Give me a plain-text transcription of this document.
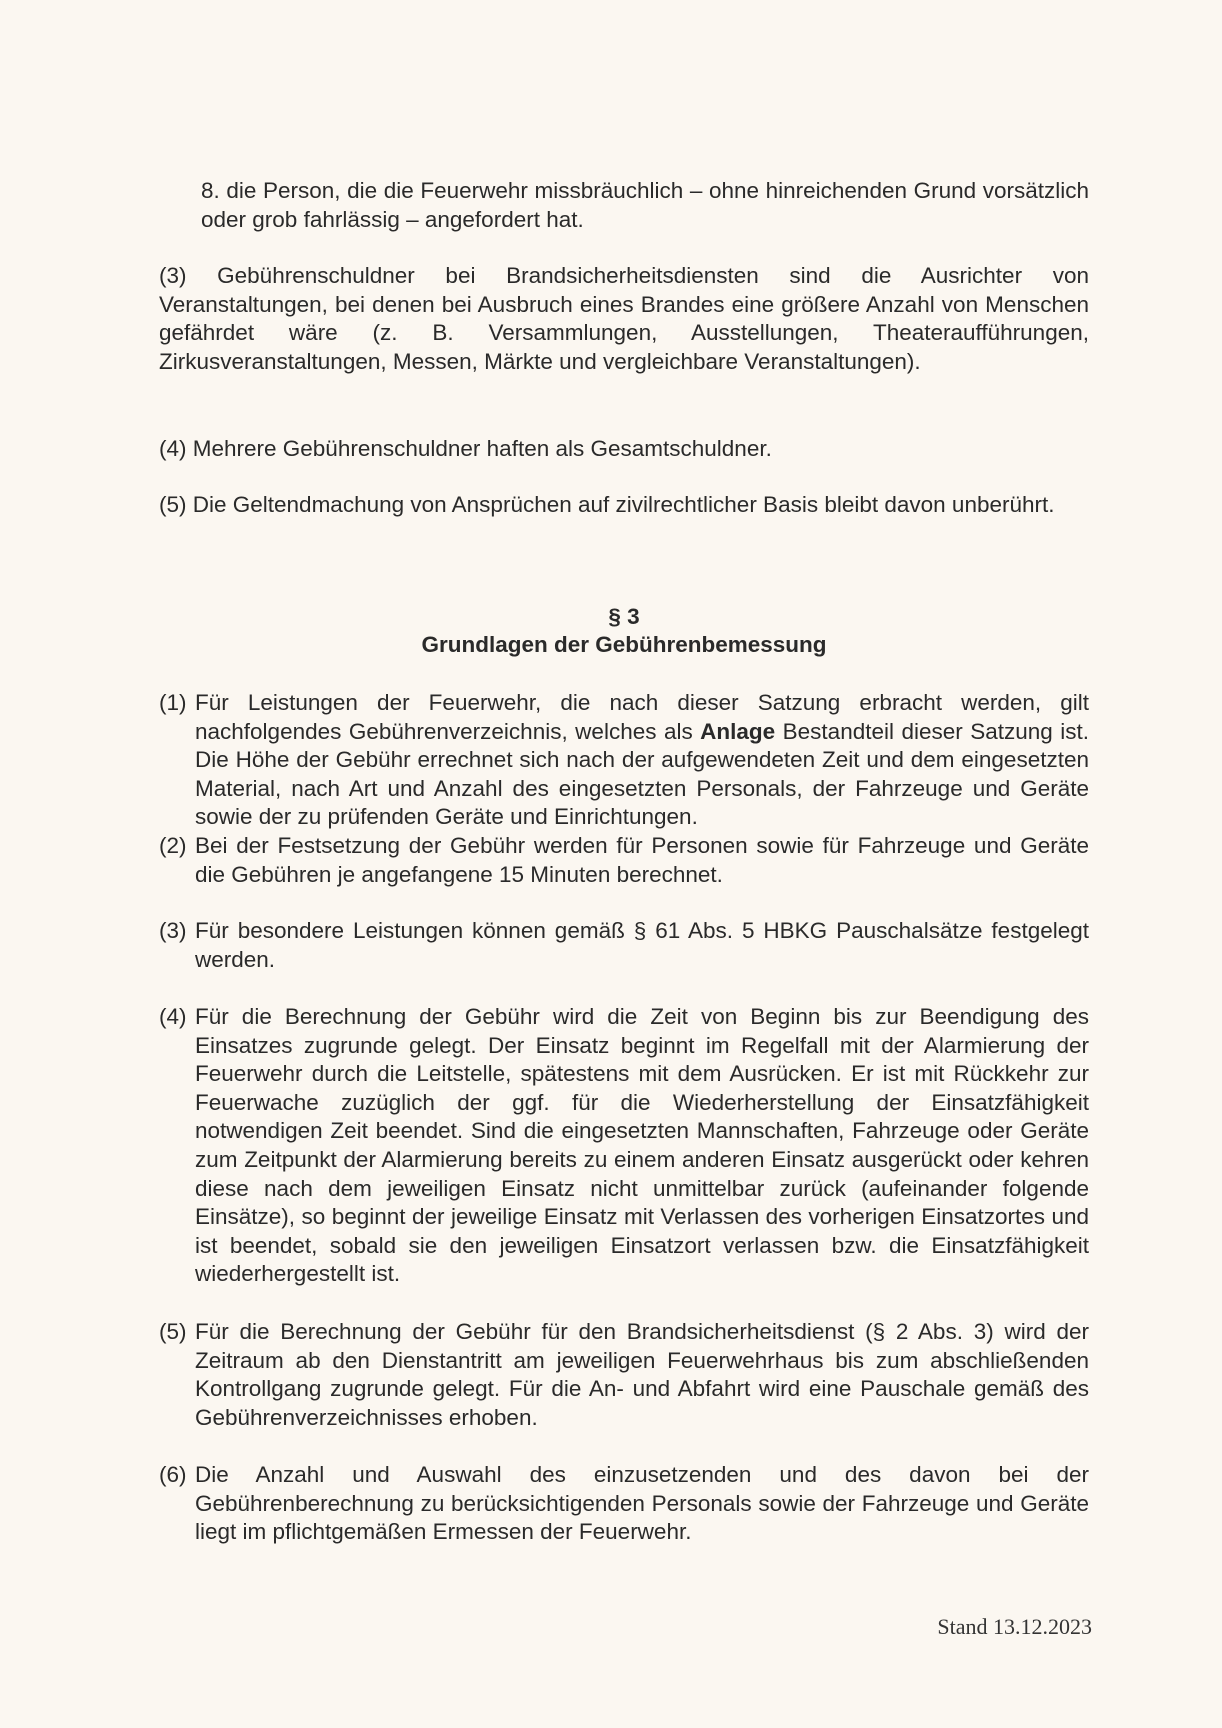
8. die Person, die die Feuerwehr missbräuchlich – ohne hinreichenden Grund vorsätzlich oder grob fahrlässig – angefordert hat.
(3) Gebührenschuldner bei Brandsicherheitsdiensten sind die Ausrichter von Veranstaltungen, bei denen bei Ausbruch eines Brandes eine größere Anzahl von Menschen gefährdet wäre (z. B. Versammlungen, Ausstellungen, Theateraufführungen, Zirkusveranstaltungen, Messen, Märkte und vergleichbare Veranstaltungen).
(4) Mehrere Gebührenschuldner haften als Gesamtschuldner.
(5) Die Geltendmachung von Ansprüchen auf zivilrechtlicher Basis bleibt davon unberührt.
§ 3
Grundlagen der Gebührenbemessung
(1) Für Leistungen der Feuerwehr, die nach dieser Satzung erbracht werden, gilt nachfolgendes Gebührenverzeichnis, welches als Anlage Bestandteil dieser Satzung ist. Die Höhe der Gebühr errechnet sich nach der aufgewendeten Zeit und dem eingesetzten Material, nach Art und Anzahl des eingesetzten Personals, der Fahrzeuge und Geräte sowie der zu prüfenden Geräte und Einrichtungen.
(2) Bei der Festsetzung der Gebühr werden für Personen sowie für Fahrzeuge und Geräte die Gebühren je angefangene 15 Minuten berechnet.
(3) Für besondere Leistungen können gemäß § 61 Abs. 5 HBKG Pauschalsätze festgelegt werden.
(4) Für die Berechnung der Gebühr wird die Zeit von Beginn bis zur Beendigung des Einsatzes zugrunde gelegt. Der Einsatz beginnt im Regelfall mit der Alarmierung der Feuerwehr durch die Leitstelle, spätestens mit dem Ausrücken. Er ist mit Rückkehr zur Feuerwache zuzüglich der ggf. für die Wiederherstellung der Einsatzfähigkeit notwendigen Zeit beendet. Sind die eingesetzten Mannschaften, Fahrzeuge oder Geräte zum Zeitpunkt der Alarmierung bereits zu einem anderen Einsatz ausgerückt oder kehren diese nach dem jeweiligen Einsatz nicht unmittelbar zurück (aufeinander folgende Einsätze), so beginnt der jeweilige Einsatz mit Verlassen des vorherigen Einsatzortes und ist beendet, sobald sie den jeweiligen Einsatzort verlassen bzw. die Einsatzfähigkeit wiederhergestellt ist.
(5) Für die Berechnung der Gebühr für den Brandsicherheitsdienst (§ 2 Abs. 3) wird der Zeitraum ab den Dienstantritt am jeweiligen Feuerwehrhaus bis zum abschließenden Kontrollgang zugrunde gelegt. Für die An- und Abfahrt wird eine Pauschale gemäß des Gebührenverzeichnisses erhoben.
(6) Die Anzahl und Auswahl des einzusetzenden und des davon bei der Gebührenberechnung zu berücksichtigenden Personals sowie der Fahrzeuge und Geräte liegt im pflichtgemäßen Ermessen der Feuerwehr.
Stand 13.12.2023
